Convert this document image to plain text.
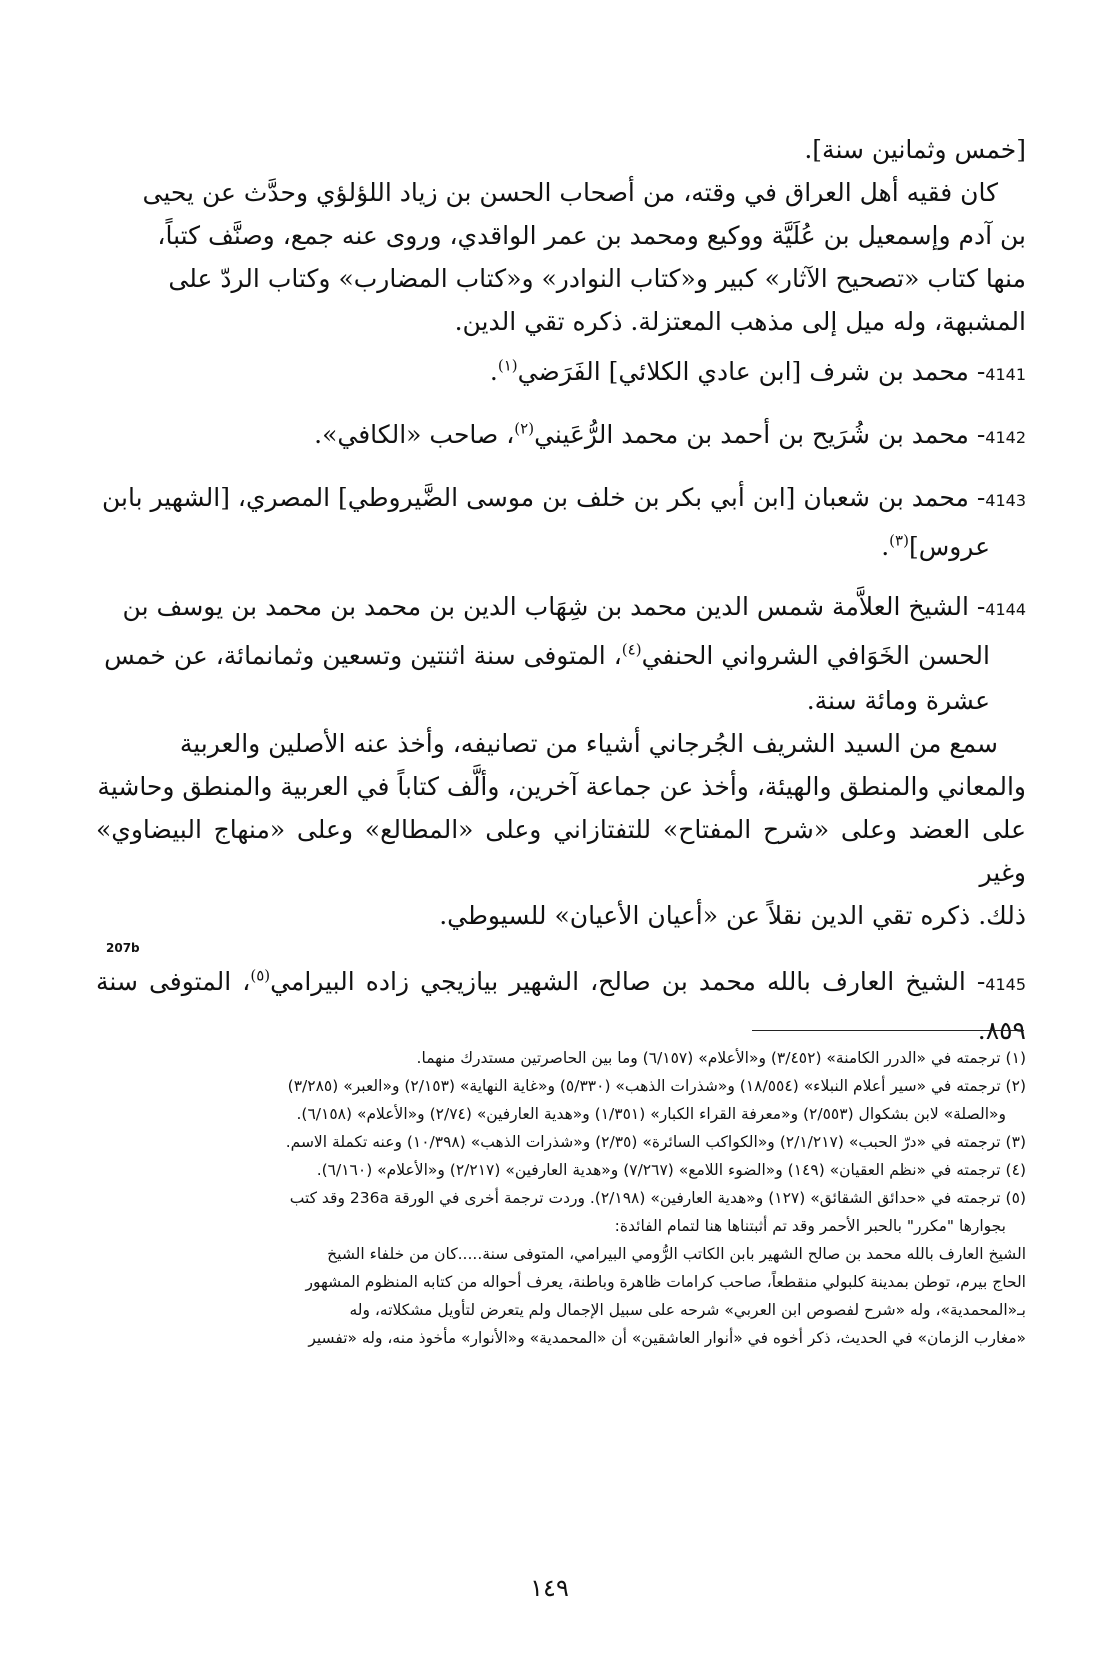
[خمس وثمانين سنة].

كان فقيه أهل العراق في وقته، من أصحاب الحسن بن زياد اللؤلؤي وحدَّث عن يحيى

بن آدم وإسمعيل بن عُلَيَّة ووكيع ومحمد بن عمر الواقدي، وروى عنه جمع، وصنَّف كتباً،

منها كتاب «تصحيح الآثار» كبير و«كتاب النوادر» و«كتاب المضارب» وكتاب الردّ على

المشبهة، وله ميل إلى مذهب المعتزلة. ذكره تقي الدين.

4141- محمد بن شرف [ابن عادي الكلائي] الفَرَضي$^{(١)}$.

4142- محمد بن شُرَيح بن أحمد بن محمد الرُّعَيني$^{(٢)}$، صاحب «الكافي».

4143- محمد بن شعبان [ابن أبي بكر بن خلف بن موسى الضَّيروطي] المصري، [الشهير بابن

عروس]$^{(٣)}$.

4144- الشيخ العلاَّمة شمس الدين محمد بن شِهَاب الدين بن محمد بن محمد بن يوسف بن

الحسن الخَوَافي الشرواني الحنفي$^{(٤)}$، المتوفى سنة اثنتين وتسعين وثمانمائة، عن خمس

عشرة ومائة سنة.

سمع من السيد الشريف الجُرجاني أشياء من تصانيفه، وأخذ عنه الأصلين والعربية

والمعاني والمنطق والهيئة، وأخذ عن جماعة آخرين، وألَّف كتاباً في العربية والمنطق وحاشية

على العضد وعلى «شرح المفتاح» للتفتازاني وعلى «المطالع» وعلى «منهاج البيضاوي» وغير

ذلك. ذكره تقي الدين نقلاً عن «أعيان الأعيان» للسيوطي.

207b

4145- الشيخ العارف بالله محمد بن صالح، الشهير بيازيجي زاده البيرامي$^{(٥)}$، المتوفى سنة ٨٥٩.

(١) ترجمته في «الدرر الكامنة» (٣/٤٥٢) و«الأعلام» (٦/١٥٧) وما بين الحاصرتين مستدرك منهما.

(٢) ترجمته في «سير أعلام النبلاء» (١٨/٥٥٤) و«شذرات الذهب» (٥/٣٣٠) و«غاية النهاية» (٢/١٥٣) و«العبر» (٣/٢٨٥)

و«الصلة» لابن بشكوال (٢/٥٥٣) و«معرفة القراء الكبار» (١/٣٥١) و«هدية العارفين» (٢/٧٤) و«الأعلام» (٦/١٥٨).

(٣) ترجمته في «درّ الحبب» (٢/١/٢١٧) و«الكواكب السائرة» (٢/٣٥) و«شذرات الذهب» (١٠/٣٩٨) وعنه تكملة الاسم.

(٤) ترجمته في «نظم العقيان» (١٤٩) و«الضوء اللامع» (٧/٢٦٧) و«هدية العارفين» (٢/٢١٧) و«الأعلام» (٦/١٦٠).

(٥) ترجمته في «حدائق الشقائق» (١٢٧) و«هدية العارفين» (٢/١٩٨). وردت ترجمة أخرى في الورقة 236a وقد كتب

بجوارها "مكرر" بالحبر الأحمر وقد تم أثبتناها هنا لتمام الفائدة:

الشيخ العارف بالله محمد بن صالح الشهير بابن الكاتب الرُّومي البيرامي، المتوفى سنة.....كان من خلفاء الشيخ

الحاج بيرم، توطن بمدينة كلبولي منقطعاً، صاحب كرامات ظاهرة وباطنة، يعرف أحواله من كتابه المنظوم المشهور

بـ«المحمدية»، وله «شرح لفصوص ابن العربي» شرحه على سبيل الإجمال ولم يتعرض لتأويل مشكلاته، وله

«مغارب الزمان» في الحديث، ذكر أخوه في «أنوار العاشقين» أن «المحمدية» و«الأنوار» مأخوذ منه، وله «تفسير

١٤٩
